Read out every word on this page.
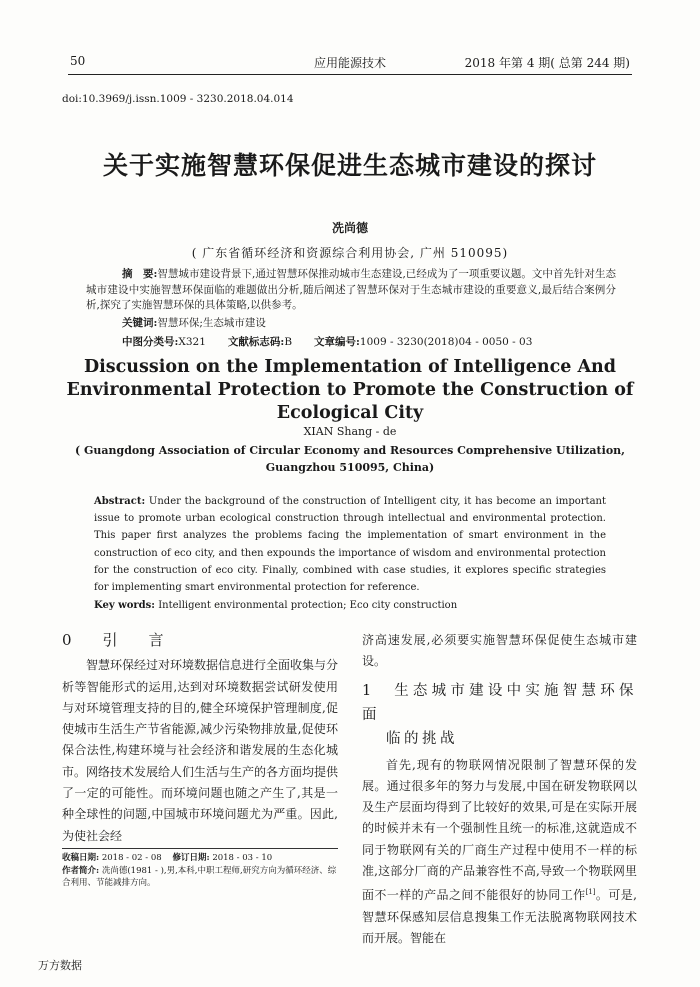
50	应用能源技术	2018 年第 4 期( 总第 244 期)
doi:10.3969/j.issn.1009 - 3230.2018.04.014
关于实施智慧环保促进生态城市建设的探讨
冼尚德
( 广东省循环经济和资源综合利用协会, 广州 510095)
摘　要:智慧城市建设背景下,通过智慧环保推动城市生态建设,已经成为了一项重要议题。文中首先针对生态城市建设中实施智慧环保面临的难题做出分析,随后阐述了智慧环保对于生态城市建设的重要意义,最后结合案例分析,探究了实施智慧环保的具体策略,以供参考。
关键词:智慧环保;生态城市建设
中图分类号:X321 文献标志码:B 文章编号:1009 - 3230(2018)04 - 0050 - 03
Discussion on the Implementation of Intelligence And Environmental Protection to Promote the Construction of Ecological City
XIAN Shang - de
( Guangdong Association of Circular Economy and Resources Comprehensive Utilization, Guangzhou 510095, China)
Abstract: Under the background of the construction of Intelligent city, it has become an important issue to promote urban ecological construction through intellectual and environmental protection. This paper first analyzes the problems facing the implementation of smart environment in the construction of eco city, and then expounds the importance of wisdom and environmental protection for the construction of eco city. Finally, combined with case studies, it explores specific strategies for implementing smart environmental protection for reference.
Key words: Intelligent environmental protection; Eco city construction
0　引　言
智慧环保经过对环境数据信息进行全面收集与分析等智能形式的运用,达到对环境数据尝试研发使用与对环境管理支持的目的,健全环境保护管理制度,促使城市生活生产节省能源,减少污染物排放量,促使环保合法性,构建环境与社会经济和谐发展的生态化城市。网络技术发展给人们生活与生产的各方面均提供了一定的可能性。而环境问题也随之产生了,其是一种全球性的问题,中国城市环境问题尤为严重。因此,为使社会经
收稿日期: 2018 - 02 - 08 修订日期: 2018 - 03 - 10
作者简介: 冼尚德(1981 - ),男,本科,中职工程师,研究方向为循环经济、综合利用、节能减排方向。
济高速发展,必须要实施智慧环保促使生态城市建设。
1　生态城市建设中实施智慧环保面
临的挑战
首先,现有的物联网情况限制了智慧环保的发展。通过很多年的努力与发展,中国在研发物联网以及生产层面均得到了比较好的效果,可是在实际开展的时候并未有一个强制性且统一的标准,这就造成不同于物联网有关的厂商生产过程中使用不一样的标准,这部分厂商的产品兼容性不高,导致一个物联网里面不一样的产品之间不能很好的协同工作[1]。可是,智慧环保感知层信息搜集工作无法脱离物联网技术而开展。智能在
万方数据
